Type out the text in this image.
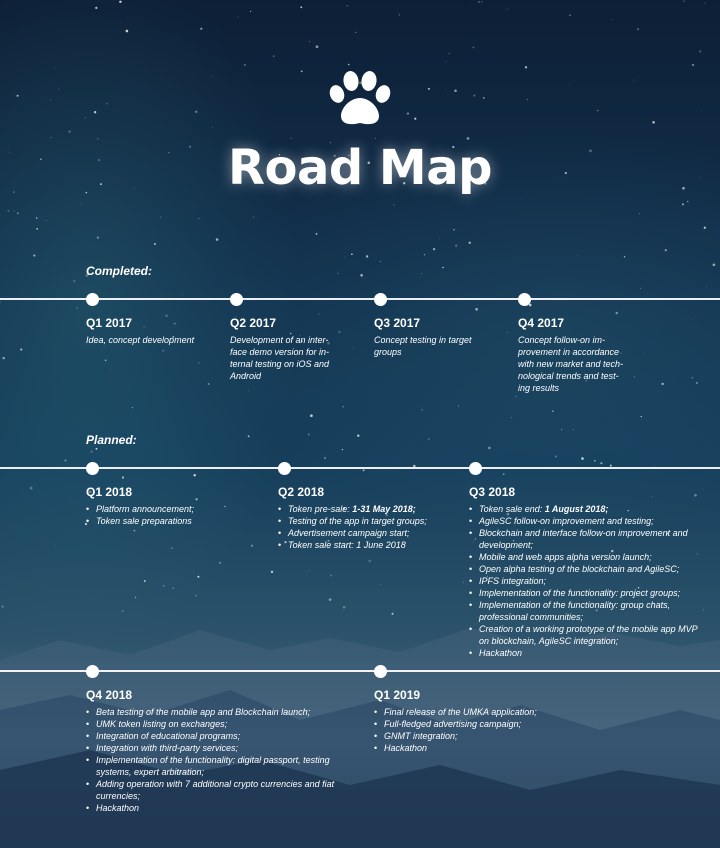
Road Map
Completed:
Q1 2017
Idea, concept development
Q2 2017
Development of an inter-
face demo version for in-
ternal testing on iOS and
Android
Q3 2017
Concept testing in target
groups
Q4 2017
Concept follow-on im-
provement in accordance
with new market and tech-
nological trends and test-
ing results
Planned:
Q1 2018
• Platform announcement;
• Token sale preparations
Q2 2018
• Token pre-sale: 1-31 May 2018;
• Testing of the app in target groups;
• Advertisement campaign start;
• Token sale start: 1 June 2018
Q3 2018
• Token sale end: 1 August 2018;
• AgileSC follow-on improvement and testing;
• Blockchain and interface follow-on improvement and development;
• Mobile and web apps alpha version launch;
• Open alpha testing of the blockchain and AgileSC;
• IPFS integration;
• Implementation of the functionality: project groups;
• Implementation of the functionality: group chats, professional communities;
• Creation of a working prototype of the mobile app MVP on blockchain, AgileSC integration;
• Hackathon
Q4 2018
• Beta testing of the mobile app and Blockchain launch;
• UMK token listing on exchanges;
• Integration of educational programs;
• Integration with third-party services;
• Implementation of the functionality: digital passport, testing systems, expert arbitration;
• Adding operation with 7 additional crypto currencies and fiat currencies;
• Hackathon
Q1 2019
• Final release of the UMKA application;
• Full-fledged advertising campaign;
• GNMT integration;
• Hackathon
